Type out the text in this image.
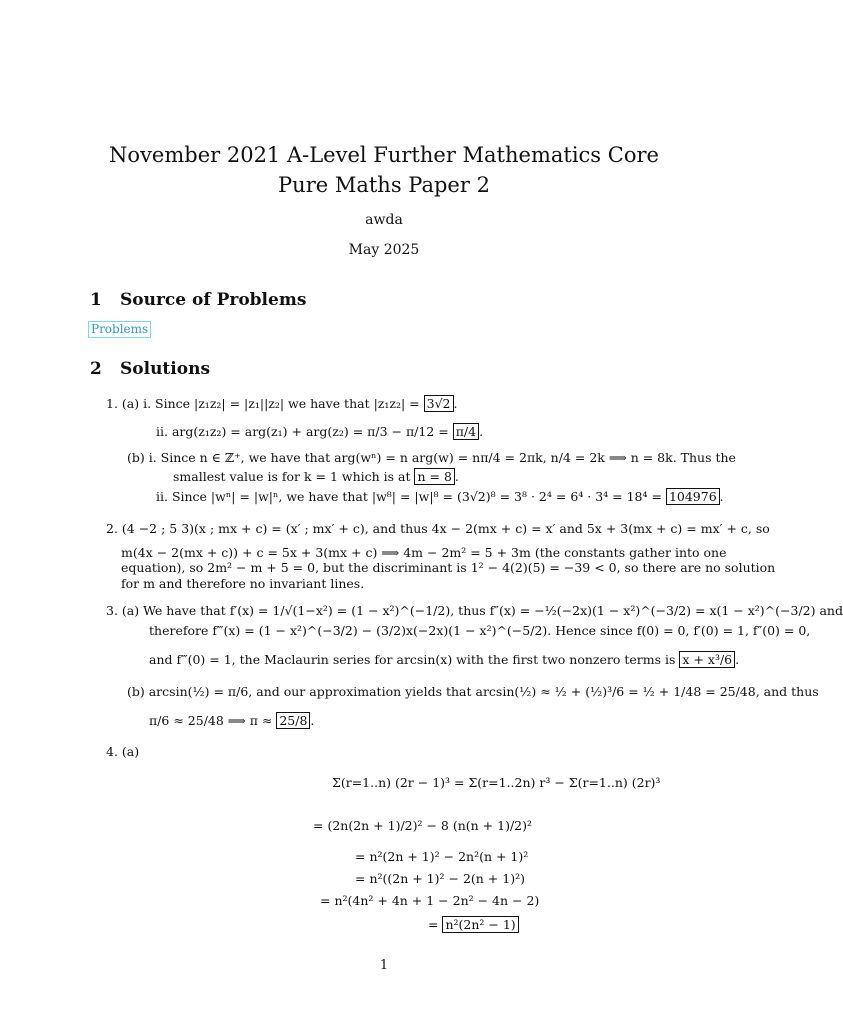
November 2021 A-Level Further Mathematics Core Pure Maths Paper 2
awda
May 2025
1 Source of Problems
Problems
2 Solutions
1. (a) i. Since |z₁z₂| = |z₁||z₂| we have that |z₁z₂| = 3√2 .
ii. arg(z₁z₂) = arg(z₁) + arg(z₂) = π/3 − π/12 = π/4 .
(b) i. Since n ∈ ℤ⁺, we have that arg(wⁿ) = n arg(w) = nπ/4 = 2πk, n/4 = 2k ⟹ n = 8k. Thus the
smallest value is for k = 1 which is at n = 8 .
ii. Since |wⁿ| = |w|ⁿ, we have that |w⁸| = |w|⁸ = (3√2)⁸ = 3⁸ · 2⁴ = 6⁴ · 3⁴ = 18⁴ = 104976 .
2. (4 −2 ; 5 3)(x ; mx + c) = (x′ ; mx′ + c), and thus 4x − 2(mx + c) = x′ and 5x + 3(mx + c) = mx′ + c, so
m(4x − 2(mx + c)) + c = 5x + 3(mx + c) ⟹ 4m − 2m² = 5 + 3m (the constants gather into one
equation), so 2m² − m + 5 = 0, but the discriminant is 1² − 4(2)(5) = −39 < 0, so there are no solution
for m and therefore no invariant lines.
3. (a) We have that f′(x) = 1/√(1−x²) = (1 − x²)^(−1/2), thus f″(x) = −½(−2x)(1 − x²)^(−3/2) = x(1 − x²)^(−3/2) and
therefore f‴(x) = (1 − x²)^(−3/2) − (3/2)x(−2x)(1 − x²)^(−5/2). Hence since f(0) = 0, f′(0) = 1, f″(0) = 0,
and f‴(0) = 1, the Maclaurin series for arcsin(x) with the first two nonzero terms is x + x³/6 .
(b) arcsin(½) = π/6, and our approximation yields that arcsin(½) ≈ ½ + (½)³/6 = ½ + 1/48 = 25/48, and thus
π/6 ≈ 25/48 ⟹ π ≈ 25/8 .
4. (a)
Σ(r=1..n) (2r − 1)³ = Σ(r=1..2n) r³ − Σ(r=1..n) (2r)³
= (2n(2n + 1)/2)² − 8 (n(n + 1)/2)²
= n²(2n + 1)² − 2n²(n + 1)²
= n²((2n + 1)² − 2(n + 1)²)
= n²(4n² + 4n + 1 − 2n² − 4n − 2)
= n²(2n² − 1)
1
